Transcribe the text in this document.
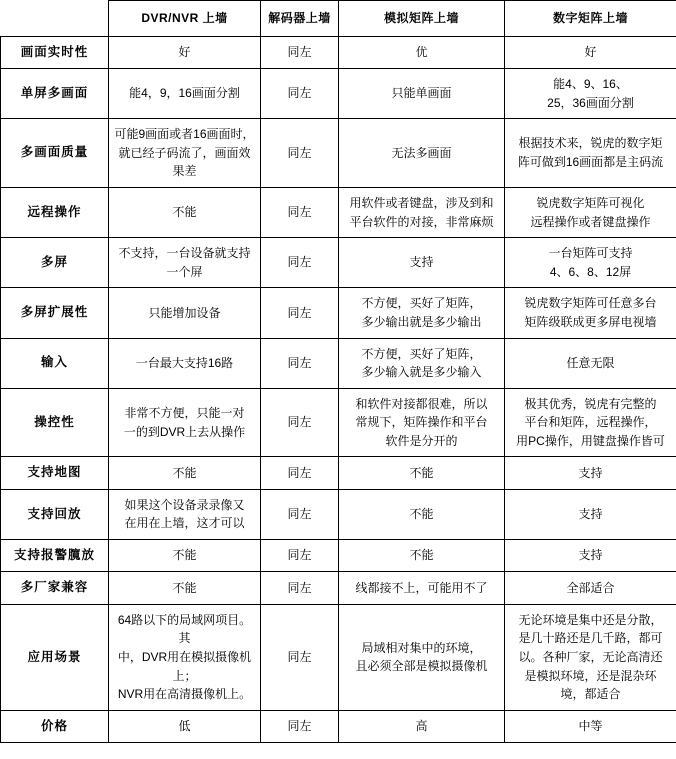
	DVR/NVR 上墙	解码器上墙	模拟矩阵上墙	数字矩阵上墙
画面实时性	好	同左	优	好
单屏多画面	能4，9，16画面分割	同左	只能单画面	能4、9、16、
25，36画面分割
多画面质量	可能9画面或者16画面时，
就已经子码流了，画面效果差	同左	无法多画面	根据技术来，锐虎的数字矩
阵可做到16画面都是主码流
远程操作	不能	同左	用软件或者键盘，涉及到和
平台软件的对接，非常麻烦	锐虎数字矩阵可视化
远程操作或者键盘操作
多屏	不支持，一台设备就支持一个屏	同左	支持	一台矩阵可支持
4、6、8、12屏
多屏扩展性	只能增加设备	同左	不方便，买好了矩阵，
多少输出就是多少输出	锐虎数字矩阵可任意多台
矩阵级联成更多屏电视墙
输入	一台最大支持16路	同左	不方便，买好了矩阵，
多少输入就是多少输入	任意无限
操控性	非常不方便，只能一对
一的到DVR上去从操作	同左	和软件对接都很难，所以
常规下，矩阵操作和平台
软件是分开的	极其优秀，锐虎有完整的
平台和矩阵，远程操作，
用PC操作，用键盘操作皆可
支持地图	不能	同左	不能	支持
支持回放	如果这个设备录录像又
在用在上墙，这才可以	同左	不能	支持
支持报警臗放	不能	同左	不能	支持
多厂家兼容	不能	同左	线都接不上，可能用不了	全部适合
应用场景	64路以下的局域网项目。其
中，DVR用在模拟摄像机上；
NVR用在高清摄像机上。	同左	局域相对集中的环境，
且必须全部是模拟摄像机	无论环境是集中还是分散，
是几十路还是几千路，都可
以。各种厂家，无论高清还
是模拟环境，还是混杂环
境，都适合
价格	低	同左	高	中等
